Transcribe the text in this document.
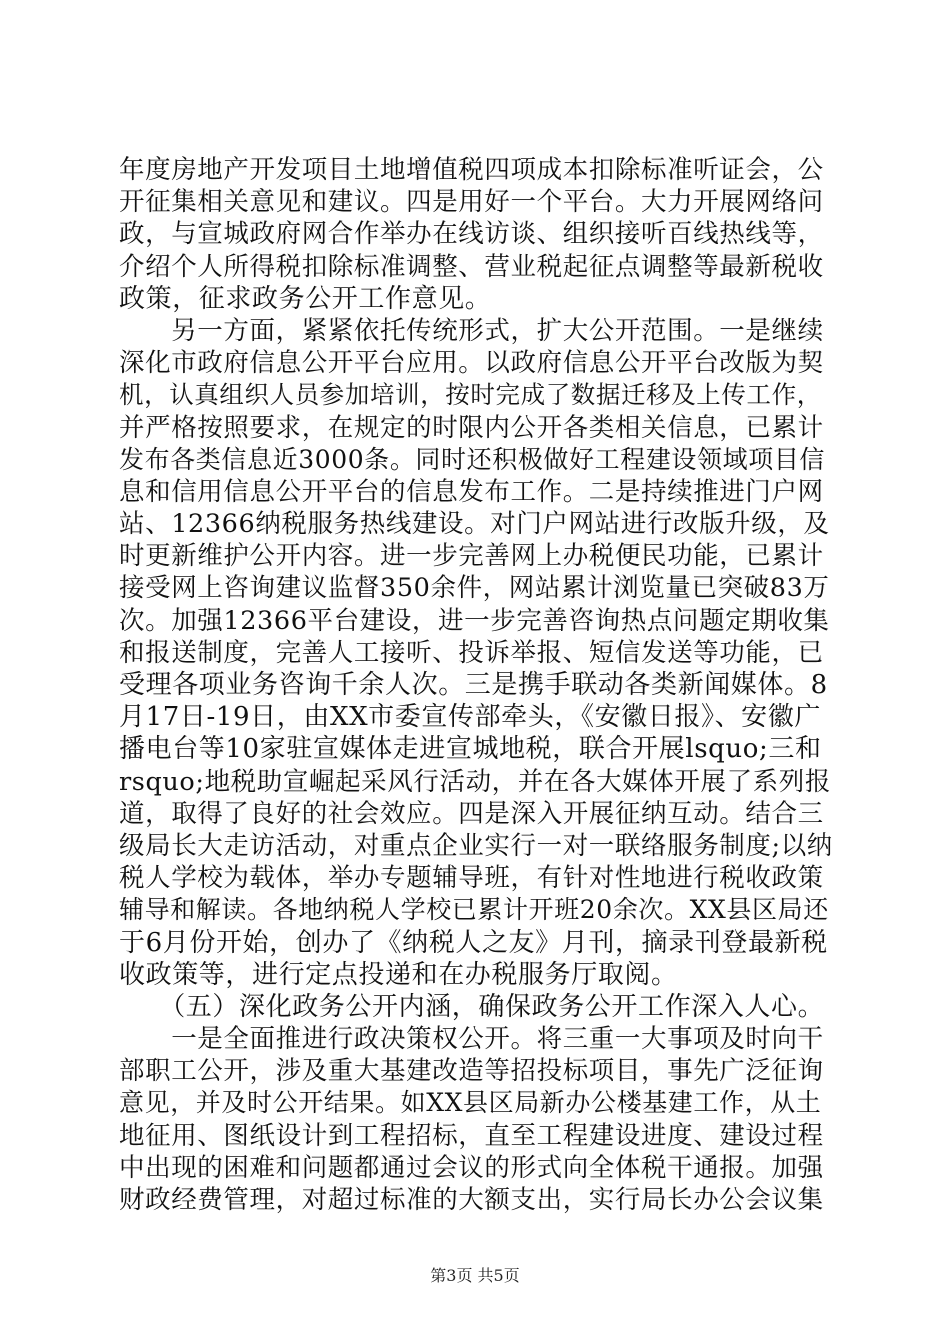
年度房地产开发项目土地增值税四项成本扣除标准听证会，公
开征集相关意见和建议。四是用好一个平台。大力开展网络问
政，与宣城政府网合作举办在线访谈、组织接听百线热线等，
介绍个人所得税扣除标准调整、营业税起征点调整等最新税收
政策，征求政务公开工作意见。
　　另一方面，紧紧依托传统形式，扩大公开范围。一是继续
深化市政府信息公开平台应用。以政府信息公开平台改版为契
机，认真组织人员参加培训，按时完成了数据迁移及上传工作，
并严格按照要求，在规定的时限内公开各类相关信息，已累计
发布各类信息近3000条。同时还积极做好工程建设领域项目信
息和信用信息公开平台的信息发布工作。二是持续推进门户网
站、12366纳税服务热线建设。对门户网站进行改版升级，及
时更新维护公开内容。进一步完善网上办税便民功能，已累计
接受网上咨询建议监督350余件，网站累计浏览量已突破83万
次。加强12366平台建设，进一步完善咨询热点问题定期收集
和报送制度，完善人工接听、投诉举报、短信发送等功能，已
受理各项业务咨询千余人次。三是携手联动各类新闻媒体。8
月17日-19日，由XX市委宣传部牵头，《安徽日报》、安徽广
播电台等10家驻宣媒体走进宣城地税，联合开展lsquo;三和
rsquo;地税助宣崛起采风行活动，并在各大媒体开展了系列报
道，取得了良好的社会效应。四是深入开展征纳互动。结合三
级局长大走访活动，对重点企业实行一对一联络服务制度;以纳
税人学校为载体，举办专题辅导班，有针对性地进行税收政策
辅导和解读。各地纳税人学校已累计开班20余次。XX县区局还
于6月份开始，创办了《纳税人之友》月刊，摘录刊登最新税
收政策等，进行定点投递和在办税服务厅取阅。
　　（五）深化政务公开内涵，确保政务公开工作深入人心。
　　一是全面推进行政决策权公开。将三重一大事项及时向干
部职工公开，涉及重大基建改造等招投标项目，事先广泛征询
意见，并及时公开结果。如XX县区局新办公楼基建工作，从土
地征用、图纸设计到工程招标，直至工程建设进度、建设过程
中出现的困难和问题都通过会议的形式向全体税干通报。加强
财政经费管理，对超过标准的大额支出，实行局长办公会议集
第3页 共5页
